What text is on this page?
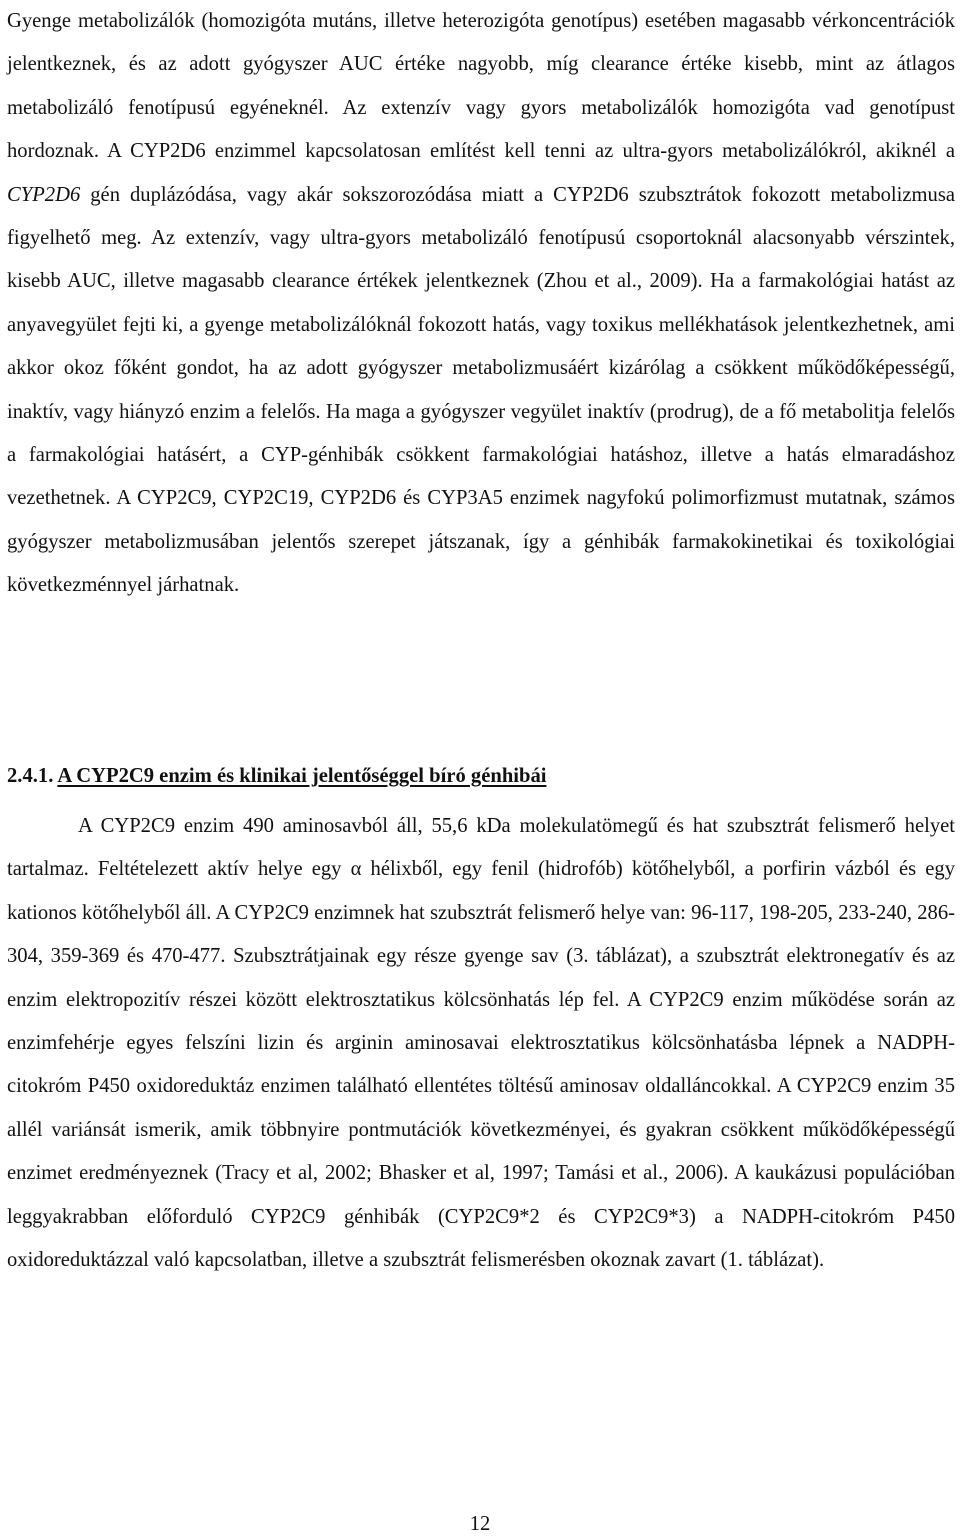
Gyenge metabolizálók (homozigóta mutáns, illetve heterozigóta genotípus) esetében magasabb vérkoncentrációk jelentkeznek, és az adott gyógyszer AUC értéke nagyobb, míg clearance értéke kisebb, mint az átlagos metabolizáló fenotípusú egyéneknél. Az extenzív vagy gyors metabolizálók homozigóta vad genotípust hordoznak. A CYP2D6 enzimmel kapcsolatosan említést kell tenni az ultra-gyors metabolizálókról, akiknél a CYP2D6 gén duplázódása, vagy akár sokszorozódása miatt a CYP2D6 szubsztrátok fokozott metabolizmusa figyelhető meg. Az extenzív, vagy ultra-gyors metabolizáló fenotípusú csoportoknál alacsonyabb vérszintek, kisebb AUC, illetve magasabb clearance értékek jelentkeznek (Zhou et al., 2009). Ha a farmakológiai hatást az anyavegyület fejti ki, a gyenge metabolizálóknál fokozott hatás, vagy toxikus mellékhatások jelentkezhetnek, ami akkor okoz főként gondot, ha az adott gyógyszer metabolizmusáért kizárólag a csökkent működőképességű, inaktív, vagy hiányzó enzim a felelős. Ha maga a gyógyszer vegyület inaktív (prodrug), de a fő metabolitja felelős a farmakológiai hatásért, a CYP-génhibák csökkent farmakológiai hatáshoz, illetve a hatás elmaradáshoz vezethetnek. A CYP2C9, CYP2C19, CYP2D6 és CYP3A5 enzimek nagyfokú polimorfizmust mutatnak, számos gyógyszer metabolizmusában jelentős szerepet játszanak, így a génhibák farmakokinetikai és toxikológiai következménnyel járhatnak.

2.4.1. A CYP2C9 enzim és klinikai jelentőséggel bíró génhibái

A CYP2C9 enzim 490 aminosavból áll, 55,6 kDa molekulatömegű és hat szubsztrát felismerő helyet tartalmaz. Feltételezett aktív helye egy α hélixből, egy fenil (hidrofób) kötőhelyből, a porfirin vázból és egy kationos kötőhelyből áll. A CYP2C9 enzimnek hat szubsztrát felismerő helye van: 96-117, 198-205, 233-240, 286-304, 359-369 és 470-477. Szubsztrátjainak egy része gyenge sav (3. táblázat), a szubsztrát elektronegatív és az enzim elektropozitív részei között elektrosztatikus kölcsönhatás lép fel. A CYP2C9 enzim működése során az enzimfehérje egyes felszíni lizin és arginin aminosavai elektrosztatikus kölcsönhatásba lépnek a NADPH-citokróm P450 oxidoreduktáz enzimen található ellentétes töltésű aminosav oldalláncokkal. A CYP2C9 enzim 35 allél variánsát ismerik, amik többnyire pontmutációk következményei, és gyakran csökkent működőképességű enzimet eredményeznek (Tracy et al, 2002; Bhasker et al, 1997; Tamási et al., 2006). A kaukázusi populációban leggyakrabban előforduló CYP2C9 génhibák (CYP2C9*2 és CYP2C9*3) a NADPH-citokróm P450 oxidoreduktázzal való kapcsolatban, illetve a szubsztrát felismerésben okoznak zavart (1. táblázat).

12
